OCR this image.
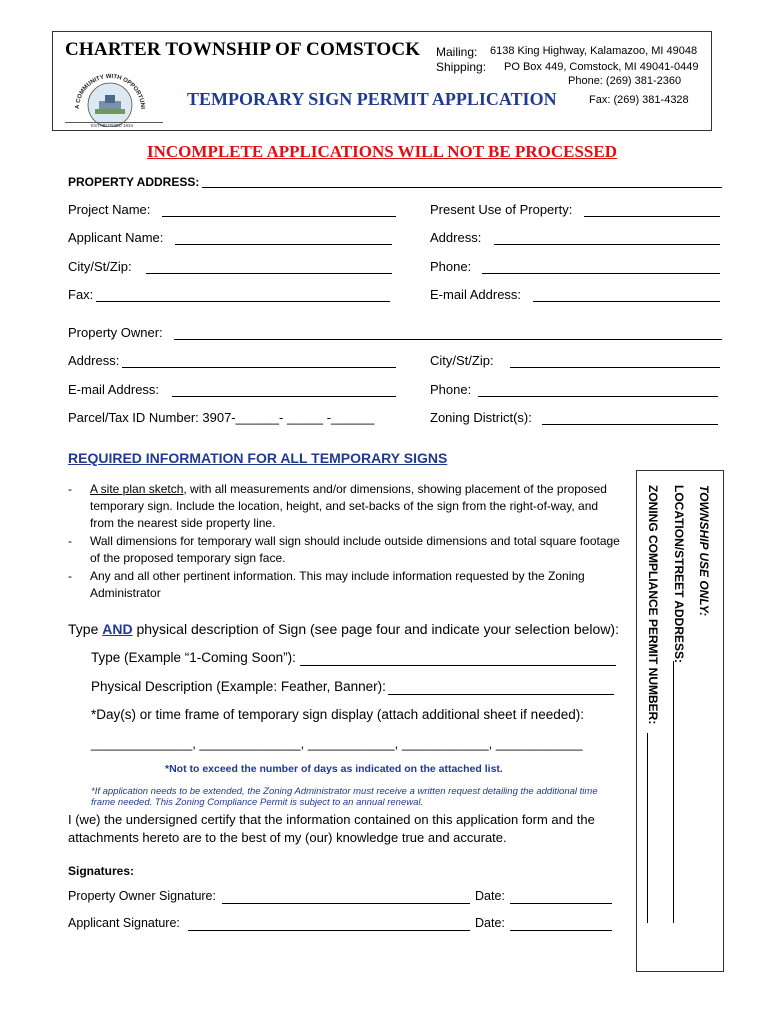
CHARTER TOWNSHIP OF COMSTOCK
A COMMUNITY WITH OPPORTUNI
ESTABLISHED 1834
TEMPORARY SIGN PERMIT APPLICATION
Mailing: 6138 King Highway, Kalamazoo, MI 49048
Shipping: PO Box 449, Comstock, MI 49041-0449
Phone: (269) 381-2360
Fax: (269) 381-4328
INCOMPLETE APPLICATIONS WILL NOT BE PROCESSED
PROPERTY ADDRESS:
Project Name:	Present Use of Property:
Applicant Name:	Address:
City/St/Zip:	Phone:
Fax:	E-mail Address:
Property Owner:
Address:	City/St/Zip:
E-mail Address:	Phone:
Parcel/Tax ID Number: 3907-______- _____ -______	Zoning District(s):
REQUIRED INFORMATION FOR ALL TEMPORARY SIGNS
- A site plan sketch, with all measurements and/or dimensions, showing placement of the proposed temporary sign. Include the location, height, and set-backs of the sign from the right-of-way, and from the nearest side property line.
- Wall dimensions for temporary wall sign should include outside dimensions and total square footage of the proposed temporary sign face.
- Any and all other pertinent information. This may include information requested by the Zoning Administrator
Type AND physical description of Sign (see page four and indicate your selection below):
Type (Example “1-Coming Soon”):
Physical Description (Example: Feather, Banner):
*Day(s) or time frame of temporary sign display (attach additional sheet if needed):
______________, ______________, ____________, ____________, ____________
*Not to exceed the number of days as indicated on the attached list.
*If application needs to be extended, the Zoning Administrator must receive a written request detailing the additional time frame needed. This Zoning Compliance Permit is subject to an annual renewal.
I (we) the undersigned certify that the information contained on this application form and the attachments hereto are to the best of my (our) knowledge true and accurate.
Signatures:
Property Owner Signature:	Date:
Applicant Signature:	Date:
TOWNSHIP USE ONLY:
LOCATION/STREET ADDRESS:
ZONING COMPLIANCE PERMIT NUMBER:
